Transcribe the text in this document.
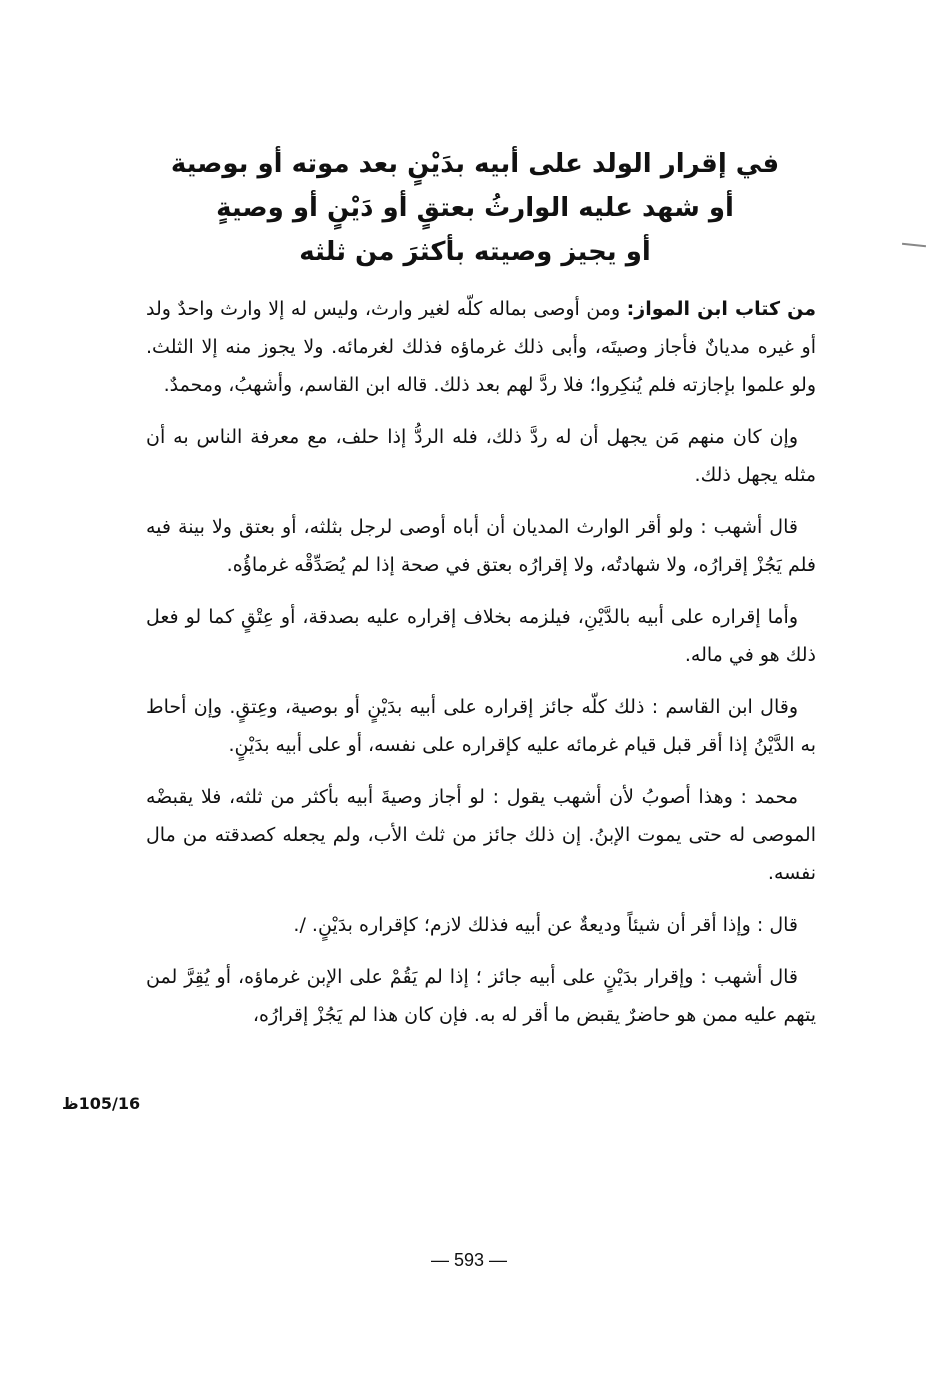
في إقرار الولد على أبيه بدَيْنٍ بعد موته أو بوصية
أو شهد عليه الوارثُ بعتقٍ أو دَيْنٍ أو وصيةٍ
أو يجيز وصيته بأكثرَ من ثلثه

من كتاب ابن المواز: ومن أوصى بماله كلّه لغير وارث، وليس له إلا وارث واحدٌ ولد أو غيره مديانٌ فأجاز وصيتَه، وأبى ذلك غرماؤه فذلك لغرمائه. ولا يجوز منه إلا الثلث. ولو علموا بإجازته فلم يُنكِروا؛ فلا ردَّ لهم بعد ذلك. قاله ابن القاسم، وأشهبُ، ومحمدٌ.

وإن كان منهم مَن يجهل أن له ردَّ ذلك، فله الردُّ إذا حلف، مع معرفة الناس به أن مثله يجهل ذلك.

قال أشهب : ولو أقر الوارث المديان أن أباه أوصى لرجل بثلثه، أو بعتق ولا بينة فيه فلم يَجُزْ إقرارُه، ولا شهادتُه، ولا إقرارُه بعتق في صحة إذا لم يُصَدِّقْه غرماؤُه.

وأما إقراره على أبيه بالدَّيْنِ، فيلزمه بخلاف إقراره عليه بصدقة، أو عِتْقٍ كما لو فعل ذلك هو في ماله.

وقال ابن القاسم : ذلك كلّه جائز إقراره على أبيه بدَيْنٍ أو بوصية، وعِتقٍ. وإن أحاط به الدَّيْنُ إذا أقر قبل قيام غرمائه عليه كإقراره على نفسه، أو على أبيه بدَيْنٍ.

محمد : وهذا أصوبُ لأن أشهب يقول : لو أجاز وصيةَ أبيه بأكثر من ثلثه، فلا يقبضْه الموصى له حتى يموت الإبنُ. إن ذلك جائز من ثلث الأب، ولم يجعله كصدقته من مال نفسه.

قال : وإذا أقر أن شيئاً وديعةٌ عن أبيه فذلك لازم؛ كإقراره بدَيْنٍ. /.

قال أشهب : وإقرار بدَيْنٍ على أبيه جائز ؛ إذا لم يَقُمْ على الإبن غرماؤه، أو يُقِرَّ لمن يتهم عليه ممن هو حاضرٌ يقبض ما أقر له به. فإن كان هذا لم يَجُزْ إقرارُه،

105/16ظ
— 593 —
